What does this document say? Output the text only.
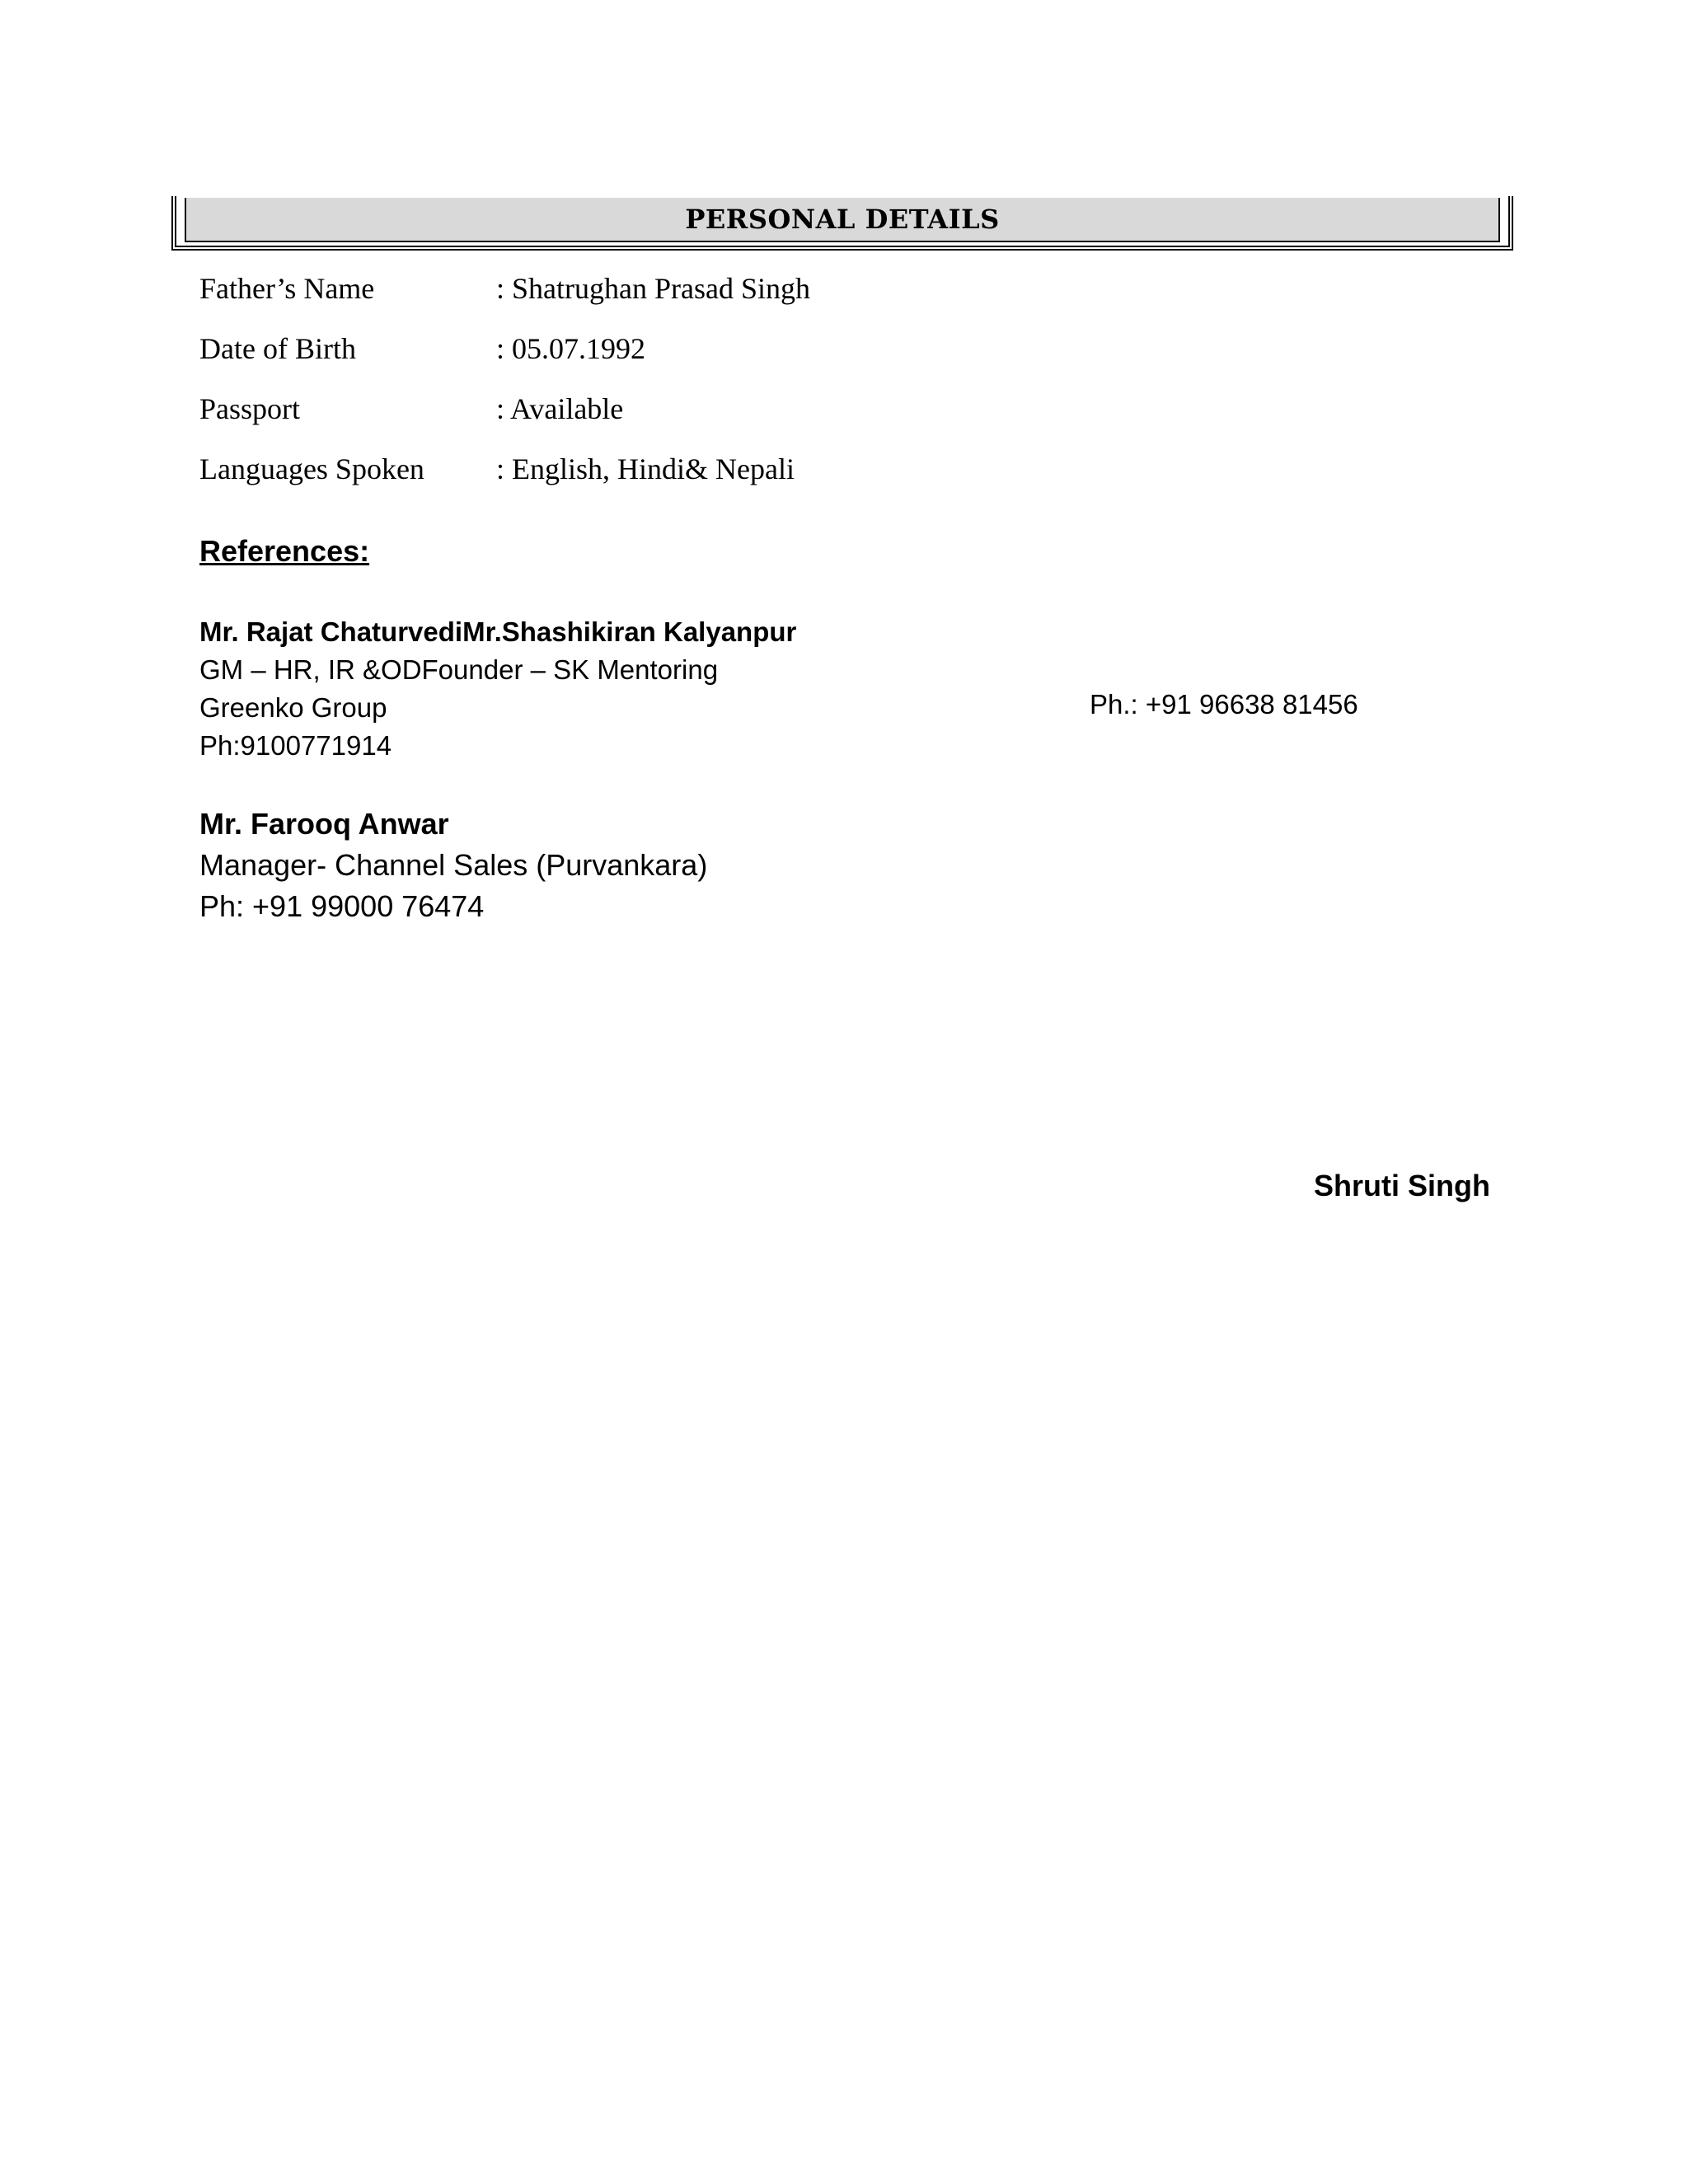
PERSONAL DETAILS
Father’s Name	: Shatrughan Prasad Singh
Date of Birth	: 05.07.1992
Passport	: Available
Languages Spoken : English, Hindi& Nepali
References:
Mr. Rajat ChaturvediMr.Shashikiran Kalyanpur
GM – HR, IR &ODFounder – SK Mentoring
Greenko Group
Ph:9100771914
Ph.: +91 96638 81456
Mr. Farooq Anwar
Manager- Channel Sales (Purvankara)
Ph: +91 99000 76474
Shruti Singh
